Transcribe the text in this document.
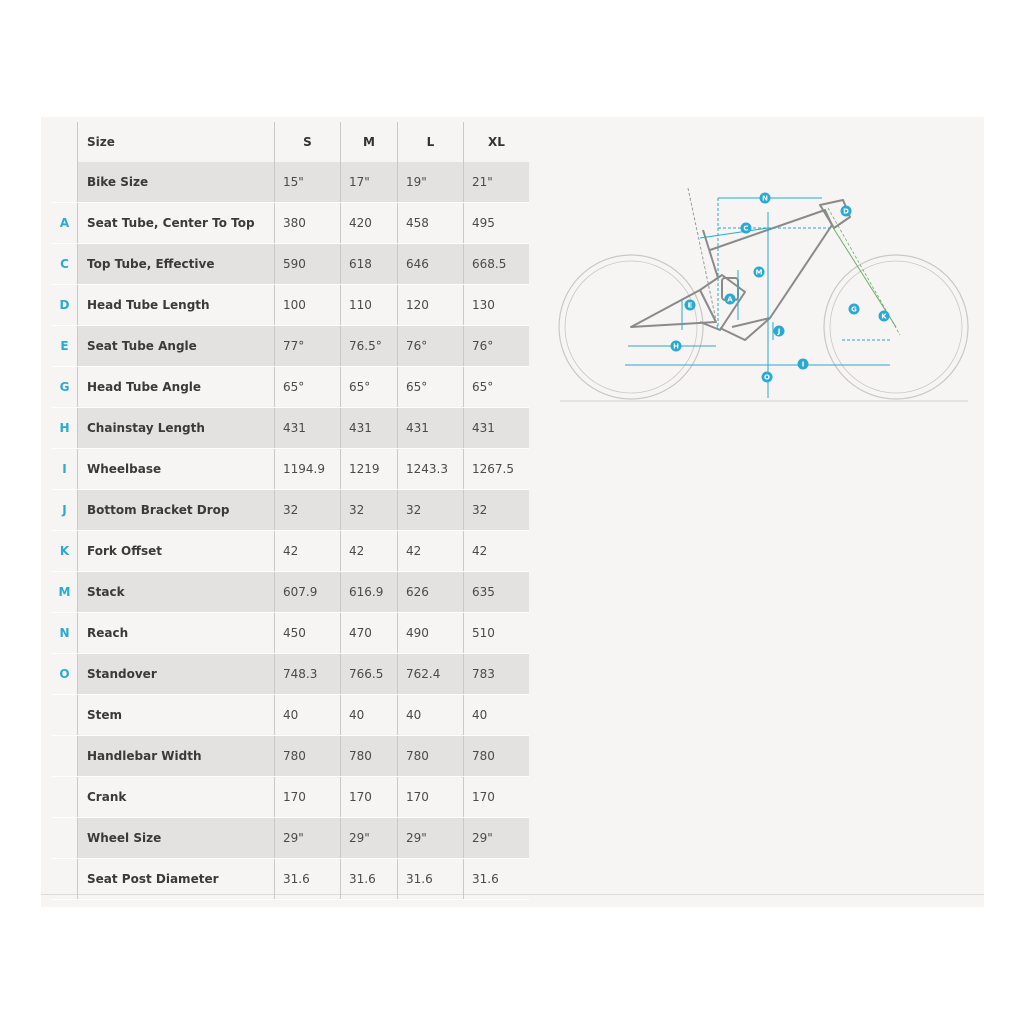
	Size	S	M	L	XL
	Bike Size	15"	17"	19"	21"
A	Seat Tube, Center To Top	380	420	458	495
C	Top Tube, Effective	590	618	646	668.5
D	Head Tube Length	100	110	120	130
E	Seat Tube Angle	77°	76.5°	76°	76°
G	Head Tube Angle	65°	65°	65°	65°
H	Chainstay Length	431	431	431	431
I	Wheelbase	1194.9	1219	1243.3	1267.5
J	Bottom Bracket Drop	32	32	32	32
K	Fork Offset	42	42	42	42
M	Stack	607.9	616.9	626	635
N	Reach	450	470	490	510
O	Standover	748.3	766.5	762.4	783
	Stem	40	40	40	40
	Handlebar Width	780	780	780	780
	Crank	170	170	170	170
	Wheel Size	29"	29"	29"	29"
	Seat Post Diameter	31.6	31.6	31.6	31.6
N
D
C
M
A
E
J
H
G
K
I
O
